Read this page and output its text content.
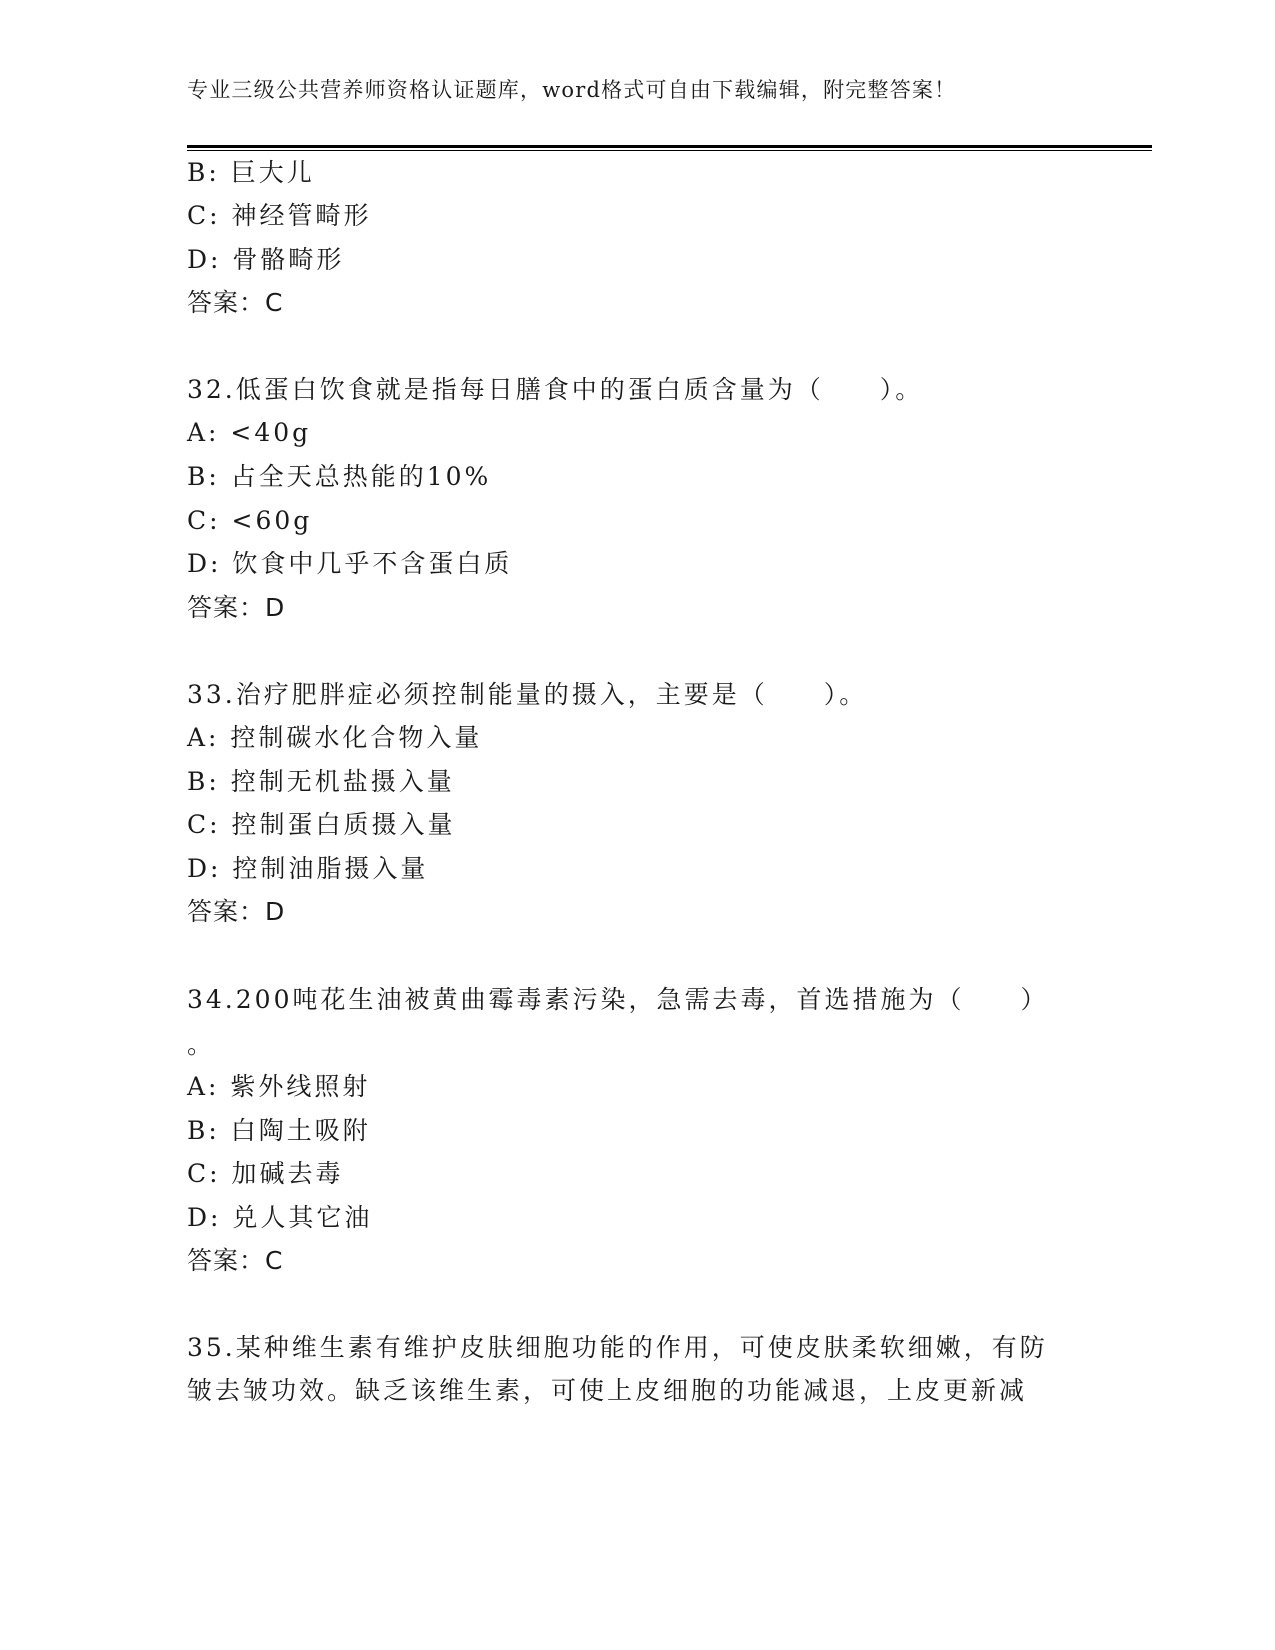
专业三级公共营养师资格认证题库，word格式可自由下载编辑，附完整答案！
B: 巨大儿
C: 神经管畸形
D: 骨骼畸形
答案：C
32.低蛋白饮食就是指每日膳食中的蛋白质含量为（　　）。
A: <40g
B: 占全天总热能的10%
C: <60g
D: 饮食中几乎不含蛋白质
答案：D
33.治疗肥胖症必须控制能量的摄入，主要是（　　）。
A: 控制碳水化合物入量
B: 控制无机盐摄入量
C: 控制蛋白质摄入量
D: 控制油脂摄入量
答案：D
34.200吨花生油被黄曲霉毒素污染，急需去毒，首选措施为（　　）
。
A: 紫外线照射
B: 白陶土吸附
C: 加碱去毒
D: 兑人其它油
答案：C
35.某种维生素有维护皮肤细胞功能的作用，可使皮肤柔软细嫩，有防
皱去皱功效。缺乏该维生素，可使上皮细胞的功能减退，上皮更新减
